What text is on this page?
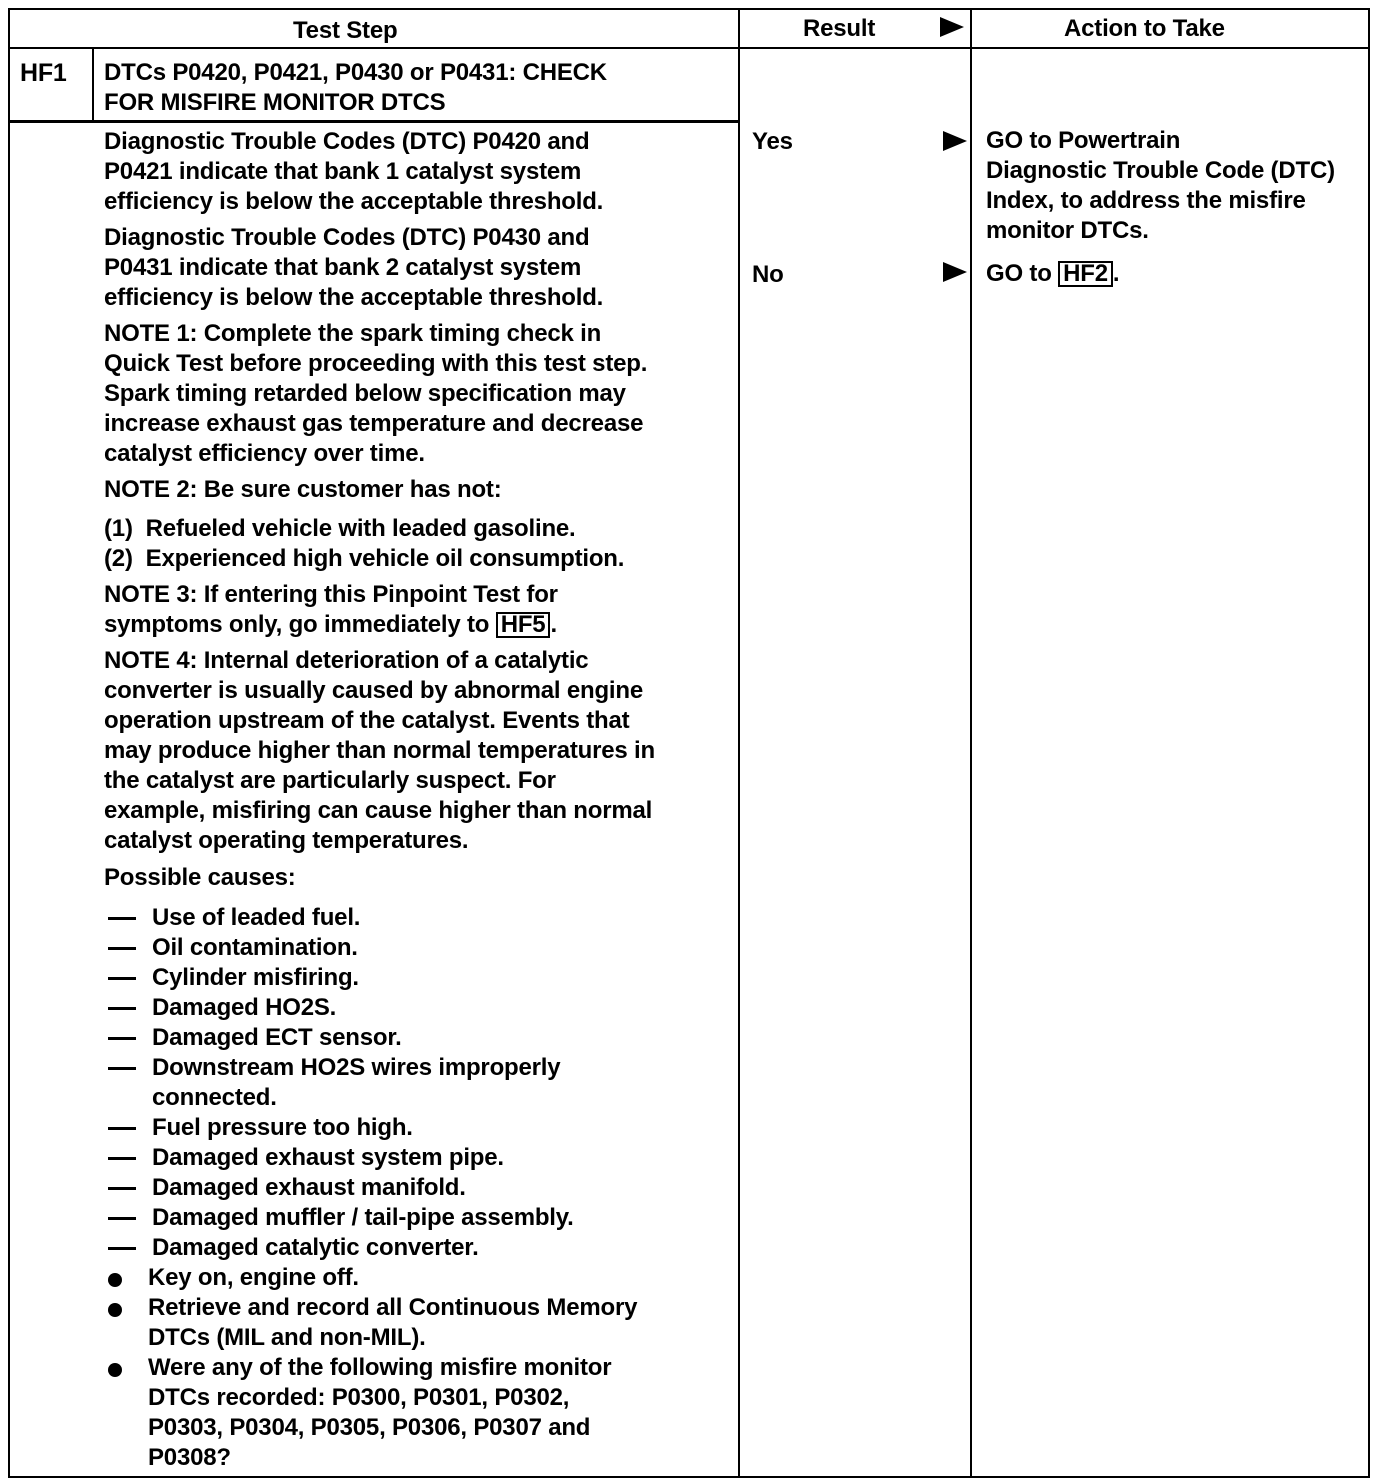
Test Step	Result	Action to Take
HF1 DTCs P0420, P0421, P0430 or P0431: CHECK
FOR MISFIRE MONITOR DTCS
Diagnostic Trouble Codes (DTC) P0420 and
P0421 indicate that bank 1 catalyst system
efficiency is below the acceptable threshold.
Diagnostic Trouble Codes (DTC) P0430 and
P0431 indicate that bank 2 catalyst system
efficiency is below the acceptable threshold.
NOTE 1: Complete the spark timing check in
Quick Test before proceeding with this test step.
Spark timing retarded below specification may
increase exhaust gas temperature and decrease
catalyst efficiency over time.
NOTE 2: Be sure customer has not:
(1)  Refueled vehicle with leaded gasoline.
(2)  Experienced high vehicle oil consumption.
NOTE 3: If entering this Pinpoint Test for
symptoms only, go immediately to HF5 .
NOTE 4: Internal deterioration of a catalytic
converter is usually caused by abnormal engine
operation upstream of the catalyst. Events that
may produce higher than normal temperatures in
the catalyst are particularly suspect. For
example, misfiring can cause higher than normal
catalyst operating temperatures.
Possible causes:
Use of leaded fuel.
Oil contamination.
Cylinder misfiring.
Damaged HO2S.
Damaged ECT sensor.
Downstream HO2S wires improperly
connected.
Fuel pressure too high.
Damaged exhaust system pipe.
Damaged exhaust manifold.
Damaged muffler / tail-pipe assembly.
Damaged catalytic converter.
Key on, engine off.
Retrieve and record all Continuous Memory
DTCs (MIL and non-MIL).
Were any of the following misfire monitor
DTCs recorded: P0300, P0301, P0302,
P0303, P0304, P0305, P0306, P0307 and
P0308?
Yes
No
GO to Powertrain
Diagnostic Trouble Code (DTC)
Index, to address the misfire
monitor DTCs.
GO to HF2 .
